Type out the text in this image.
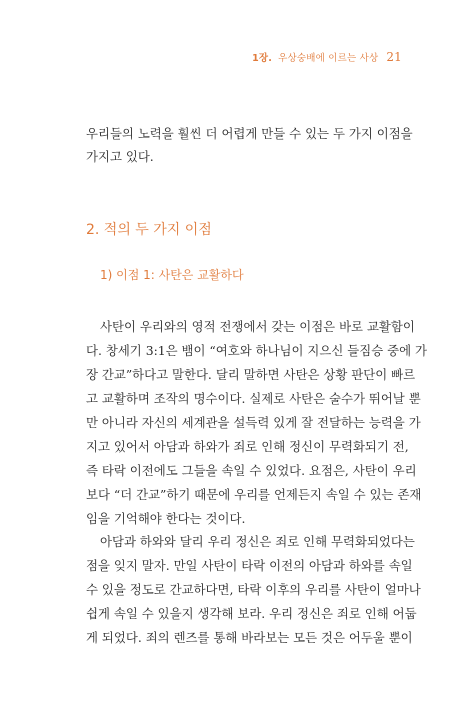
1장. 우상숭배에 이르는 사상 21
우리들의 노력을 훨씬 더 어렵게 만들 수 있는 두 가지 이점을
가지고 있다.
2. 적의 두 가지 이점
1) 이점 1: 사탄은 교활하다
사탄이 우리와의 영적 전쟁에서 갖는 이점은 바로 교활함이
다. 창세기 3:1은 뱀이 “여호와 하나님이 지으신 들짐승 중에 가
장 간교”하다고 말한다. 달리 말하면 사탄은 상황 판단이 빠르
고 교활하며 조작의 명수이다. 실제로 사탄은 술수가 뛰어날 뿐
만 아니라 자신의 세계관을 설득력 있게 잘 전달하는 능력을 가
지고 있어서 아담과 하와가 죄로 인해 정신이 무력화되기 전,
즉 타락 이전에도 그들을 속일 수 있었다. 요점은, 사탄이 우리
보다 “더 간교”하기 때문에 우리를 언제든지 속일 수 있는 존재
임을 기억해야 한다는 것이다.
아담과 하와와 달리 우리 정신은 죄로 인해 무력화되었다는
점을 잊지 말자. 만일 사탄이 타락 이전의 아담과 하와를 속일
수 있을 정도로 간교하다면, 타락 이후의 우리를 사탄이 얼마나
쉽게 속일 수 있을지 생각해 보라. 우리 정신은 죄로 인해 어둡
게 되었다. 죄의 렌즈를 통해 바라보는 모든 것은 어두울 뿐이
